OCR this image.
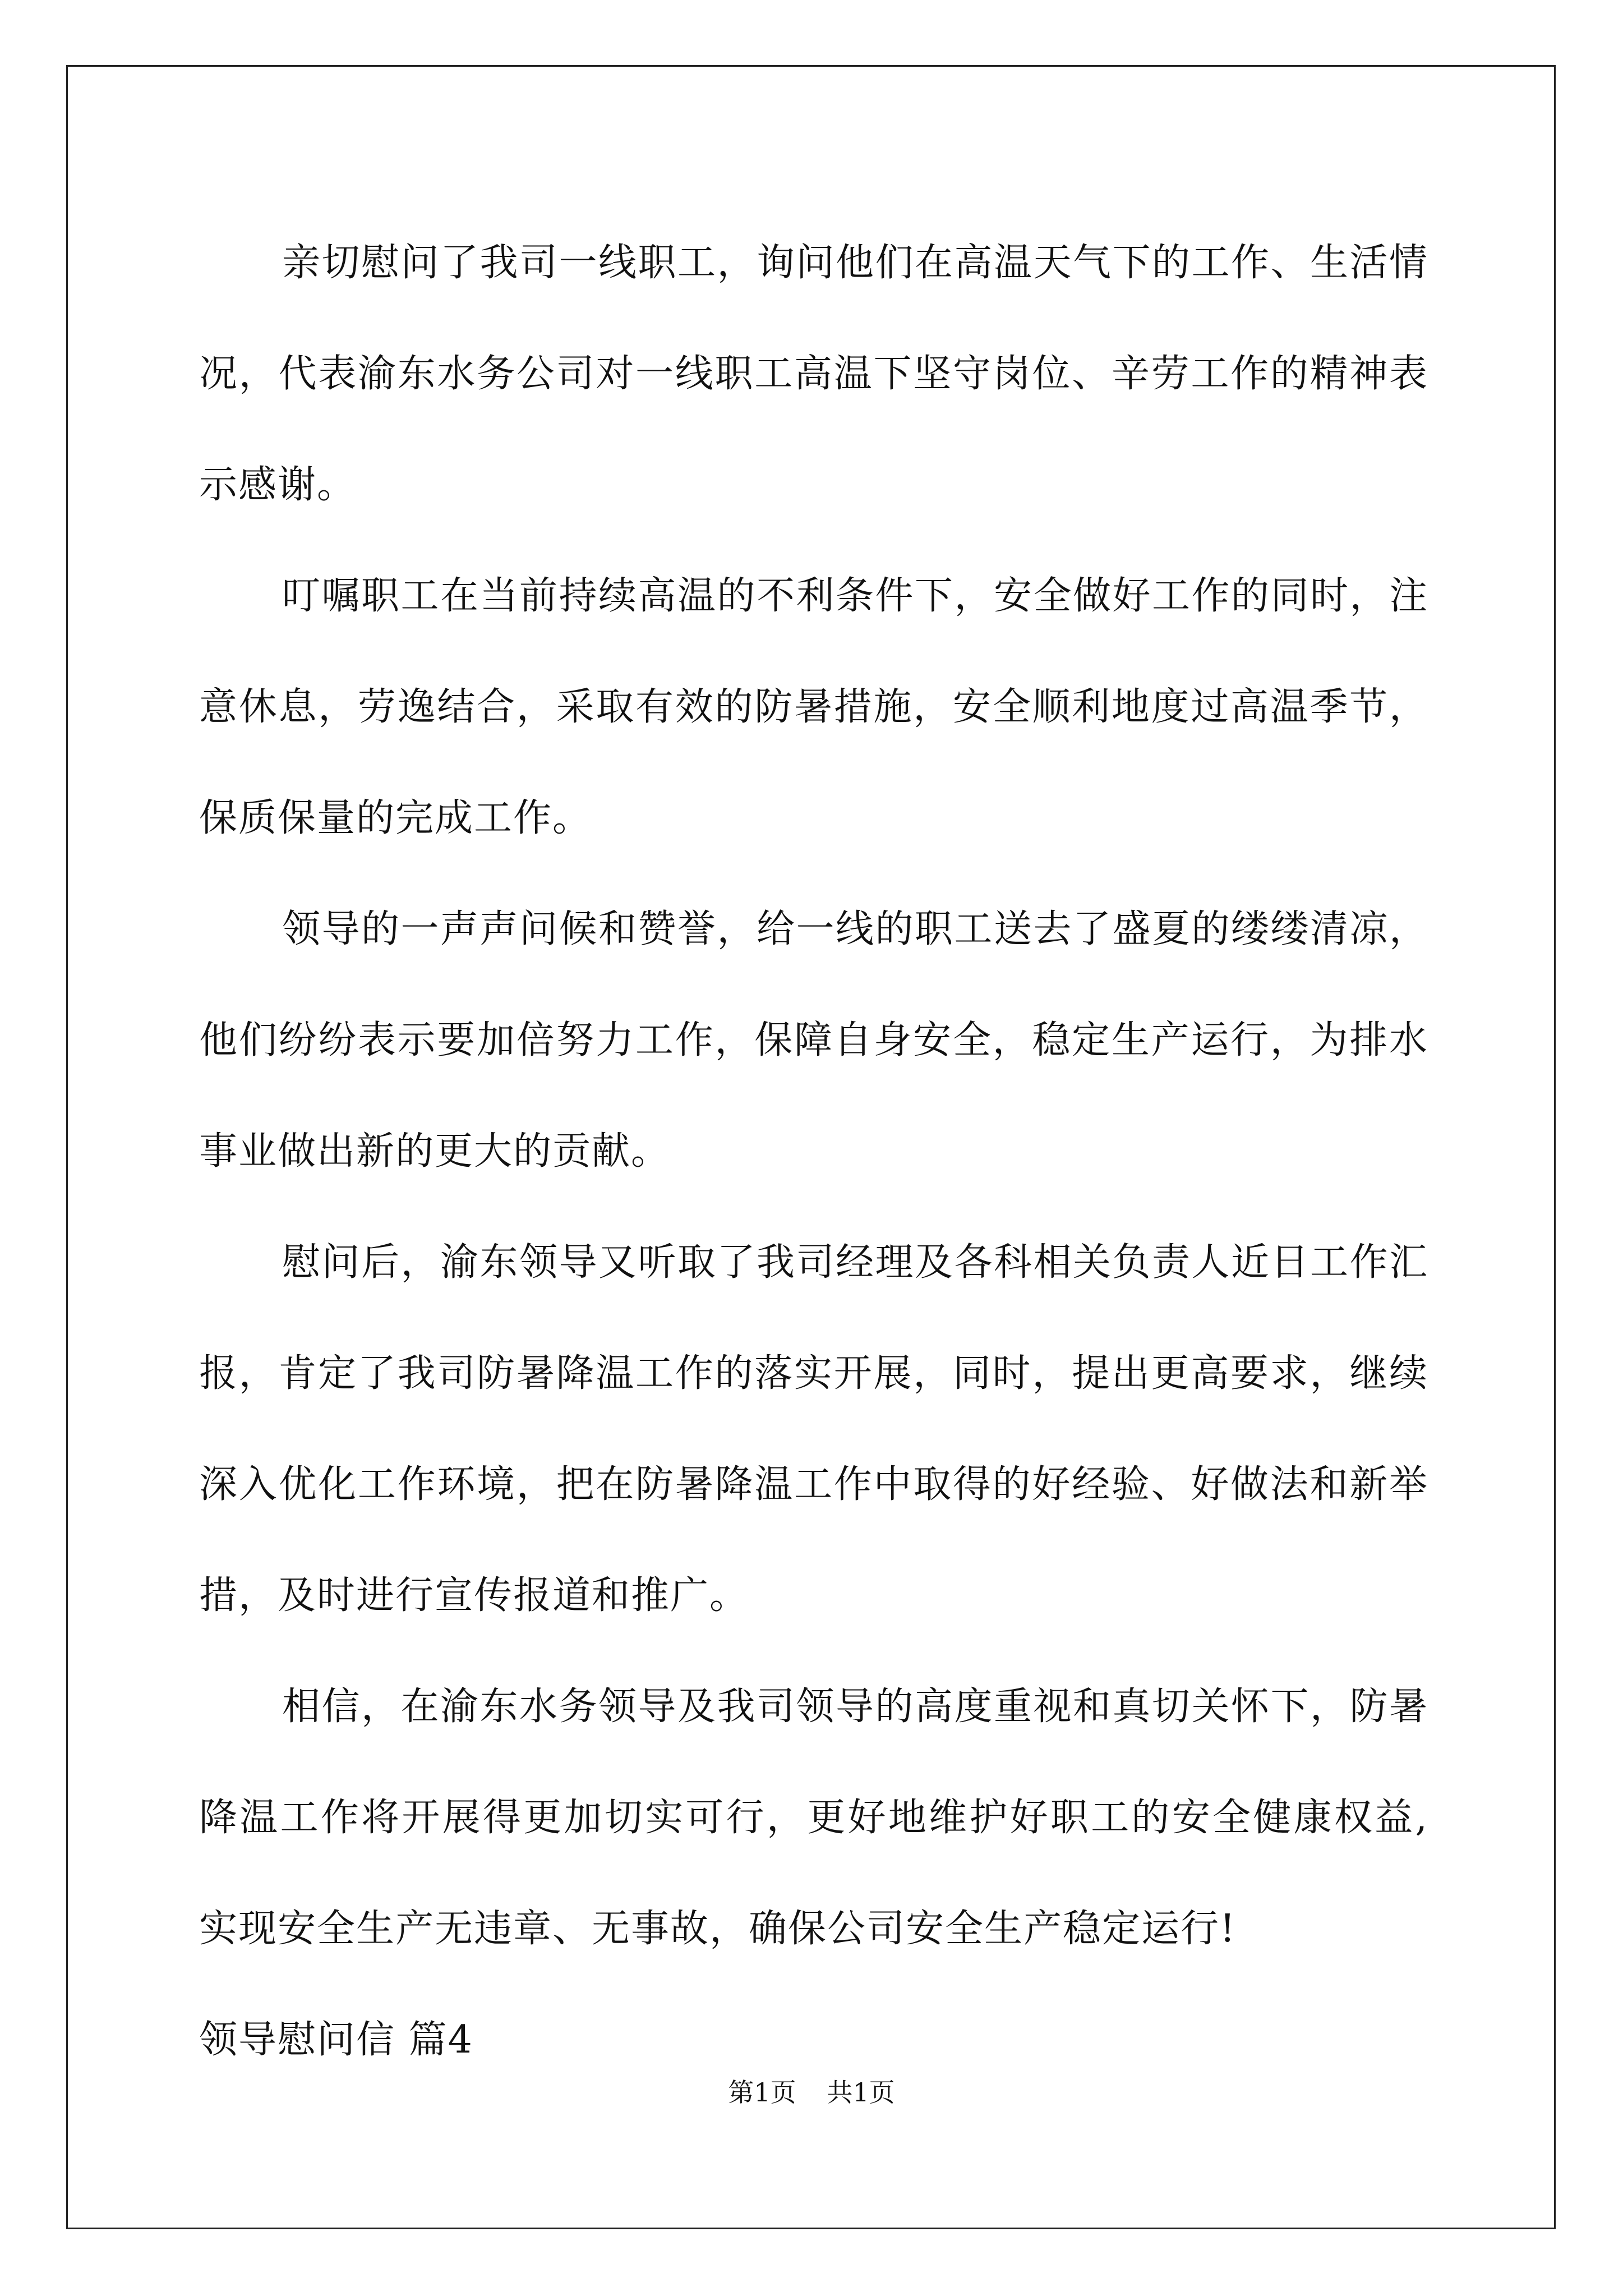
亲切慰问了我司一线职工，询问他们在高温天气下的工作、生活情况，代表渝东水务公司对一线职工高温下坚守岗位、辛劳工作的精神表示感谢。

叮嘱职工在当前持续高温的不利条件下，安全做好工作的同时，注意休息，劳逸结合，采取有效的防暑措施，安全顺利地度过高温季节，保质保量的完成工作。

领导的一声声问候和赞誉，给一线的职工送去了盛夏的缕缕清凉，他们纷纷表示要加倍努力工作，保障自身安全，稳定生产运行，为排水事业做出新的更大的贡献。

慰问后，渝东领导又听取了我司经理及各科相关负责人近日工作汇报，肯定了我司防暑降温工作的落实开展，同时，提出更高要求，继续深入优化工作环境，把在防暑降温工作中取得的好经验、好做法和新举措，及时进行宣传报道和推广。

相信，在渝东水务领导及我司领导的高度重视和真切关怀下，防暑降温工作将开展得更加切实可行，更好地维护好职工的安全健康权益,实现安全生产无违章、无事故，确保公司安全生产稳定运行!

领导慰问信 篇4

第1页 共1页
